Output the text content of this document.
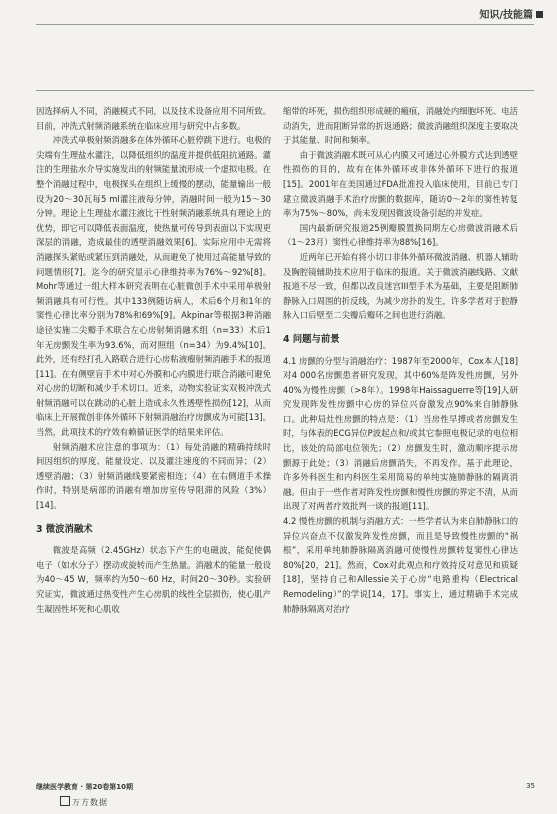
知识/技能篇

因选择病人不同，消融模式不同，以及技术设备应用不同所致。目前，冲洗式射频消融系统在临床应用与研究中占多数。

冲洗式单极射频消融多在体外循环心脏停跳下进行。电极的尖端有生理盐水灌注，以降低组织的温度并提供低阻抗通路。灌注的生理盐水介导实施发出的射频能量流形成一个虚拟电极。在整个消融过程中，电极探头在组织上缓慢的摆动，能量输出一般设为20～30瓦每5 ml灌注液每分钟，消融时间一般为15～30分钟。理论上生理盐水灌注液比干性射频消融系统具有理论上的优势，即它可以降低表面温度，使热量可传导到表面以下实现更深层的消融，造成最佳的透壁消融效果[6]。实际应用中无需将消融探头紧贴或紧压到消融处，从而避免了使用过高能量导致的问题情形[7]。迄今的研究显示心律维持率为76%～92%[8]。Mohr等通过一组大样本研究表明在心脏微创手术中采用单极射频消融具有可行性。其中133例随访病人，术后6个月和1年的窦性心律比率分别为78%和69%[9]。Akpinar等根据3种消融途径实施二尖瓣手术联合左心房射频消融术组（n=33）术后1年无房颤发生率为93.6%，而对照组（n=34）为9.4%[10]。此外，还有经打孔入路联合进行心房粘液瘤射频消融手术的报道[11]。在有侧壁盲手术中对心外膜和心内膜进行联合消融可避免对心房的切断和减少手术切口。近来，动物实验证实双极冲洗式射频消融可以在跳动的心脏上造成永久性透壁性损伤[12]，从而临床上开展微创非体外循环下射频消融治疗房颤成为可能[13]。当然，此项技术的疗效有赖循证医学的结果来评估。

射频消融术应注意的事项为：（1）每处消融的精确持续时间因组织的厚度、能量设定、以及灌注速度的不同而异；（2）透壁消融；（3）射频消融线要紧密相连；（4）在右侧道手术操作时，特别是病部的消融有增加房室传导阻滞的风险（3%）[14]。

3 微波消融术

微波是高频（2.45GHz）状态下产生的电磁波，能促使偶电子（如水分子）摆动或旋转而产生热量。消融术的能量一般设为40～45 W，频率约为50～60 Hz，时间20～30秒。实验研究证实，微波通过热变性产生心房肌的线性全层损伤，使心肌产生凝固性坏死和心肌收

缩带的坏死，损伤组织形成硬的瘢痕，消融处内细胞坏死、电活动消失，进而阻断异常的折返通路；微波消融组织深度主要取决于其能量、时间和频率。

由于微波消融术既可从心内膜又可通过心外膜方式达到透壁性损伤的目的，故有在体外循环或非体外循环下进行的报道[15]。2001年在美国通过FDA批准投入临床使用，目前已专门建立微波消融手术治疗房颤的数据库，随访0～2年的窦性转复率为75%～80%，尚未发现因微波设备引起的并发症。

国内最新研究报道25例瓣膜置换同期左心房微波消融术后（1～23月）窦性心律维持率为88%[16]。

近两年已开始有将小切口非体外循环微波消融、机器人辅助及胸腔镜辅助技术应用于临床的报道。关于微波消融线路、文献报道不尽一致，但都以改良迷宫III型手术为基础，主要是阻断肺静脉入口周围的折反线，为减少房扑的发生，许多学者对于腔静脉入口后壁至二尖瓣后瓣环之间也进行消融。

4 问题与前景

4.1 房颤的分型与消融治疗：1987年至2000年，Cox本人[18]对4 000名房颤患者研究发现，其中60%是阵发性房颤，另外40%为慢性房颤（>8年）。1998年Haissaguerre等[19]人研究发现阵发性房颤中心房的异位兴奋激发点90%来自肺静脉口。此种局灶性房颤的特点是：（1）当房性早搏或者房颤发生时，与体表的ECG异位P波起点和/或其它参照电极记录的电位相比，该处的局部电位领先；（2）房颤发生时，激动顺序提示房颤源于此处；（3）消融后房颤消失，不再发作。基于此理论，许多外科医生和内科医生采用简易的单纯实施肺静脉的隔离消融。但由于一些作者对阵发性房颤和慢性房颤的界定不清，从而出现了对两者疗效批判一谈的报道[11]。

4.2 慢性房颤的机制与消融方式：一些学者认为来自肺静脉口的异位兴奋点不仅激发阵发性房颤，而且是导致慢性房颤的“祸根”，采用单纯肺静脉隔离消融可使慢性房颤转复窦性心律达80%[20，21]。然而，Cox对此观点和疗效持反对意见和质疑[18]，坚持自己和Allessie关于心房“电路重构（Electrical Remodeling）”的学说[14，17]。事实上，通过精确手术完成肺静脉隔离对治疗

继续医学教育 · 第20卷第10期
万方数据
35
